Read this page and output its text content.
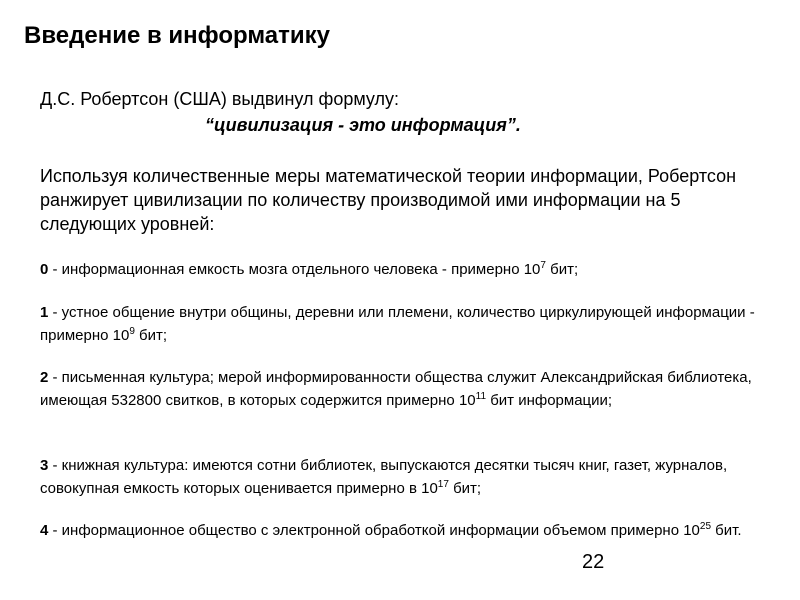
Введение в информатику
Д.С. Робертсон (США) выдвинул формулу:
“цивилизация - это информация”.

Используя количественные меры математической теории информации, Робертсон ранжирует цивилизации по количеству производимой ими информации на 5 следующих уровней:

0 - информационная емкость мозга отдельного человека - примерно $10^7$ бит;

1 - устное общение внутри общины, деревни или племени, количество циркулирующей информации - примерно $10^9$ бит;

2 - письменная культура; мерой информированности общества служит Александрийская библиотека, имеющая 532800 свитков, в которых содержится примерно $10^{11}$ бит информации;

3 - книжная культура: имеются сотни библиотек, выпускаются десятки тысяч книг, газет, журналов, совокупная емкость которых оценивается примерно в $10^{17}$ бит;

4 - информационное общество с электронной обработкой информации объемом примерно $10^{25}$ бит.

22
